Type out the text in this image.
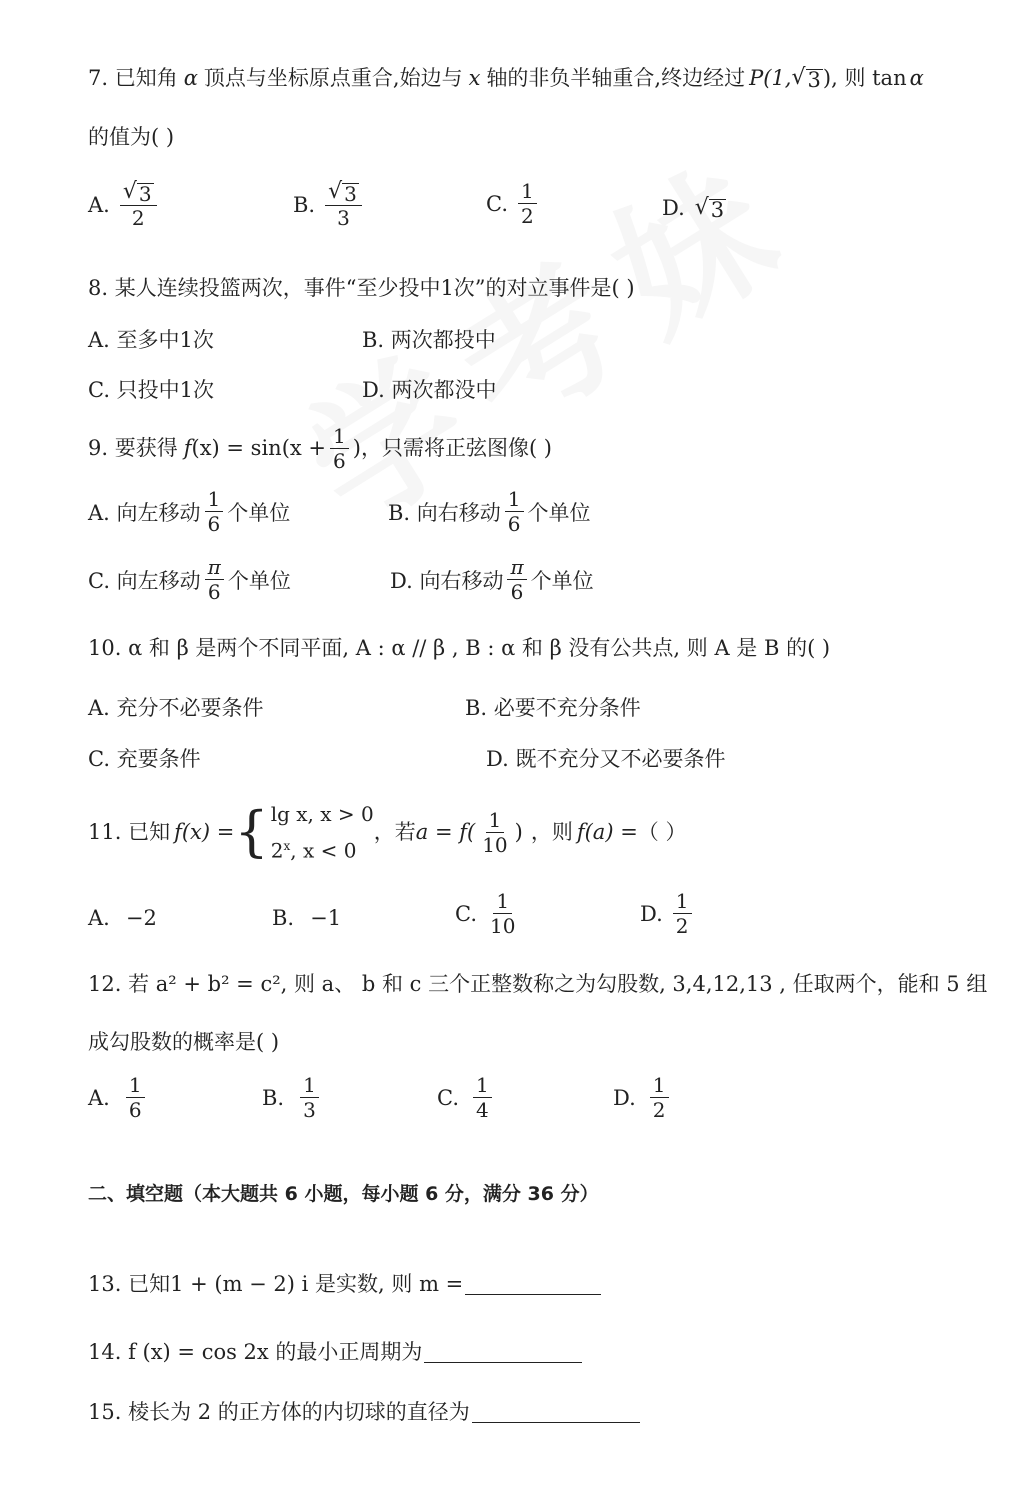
7. 已知角 α 顶点与坐标原点重合,始边与 x 轴的非负半轴重合,终边经过 P(1, √ 3 ) , 则 tan α
的值为( )
A. $\frac{√ 3}{2}$	B. $\frac{√ 3}{3}$	C. $\frac{1}{2}$	D. √ 3
8. 某人连续投篮两次，事件“至少投中1次”的对立事件是( )
A. 至多中1次	B. 两次都投中
C. 只投中1次	D. 两次都没中
9. 要获得 f $(x) = \sin(x + \frac{1}{6}$ )，只需将正弦图像( )
A. 向左移动 $\frac{1}{6}$ 个单位	B. 向右移动 $\frac{1}{6}$ 个单位
C. 向左移动 $\frac{\pi}{6}$ 个单位	D. 向右移动 $\frac{\pi}{6}$ 个单位
10. α 和 β 是两个不同平面, A : α // β , B : α 和 β 没有公共点, 则 A 是 B 的( )
A. 充分不必要条件	B. 必要不充分条件
C. 充要条件	D. 既不充分又不必要条件
11. 已知 f(x) = { lg x, x > 0
2$^x$, x < 0
，若 $a = f( \frac{1}{10}$ ) ，则 f(a) = （ ）
A. −2	B. −1	C. $\frac{1}{10}$	D. $\frac{1}{2}$
12. 若 a² + b² = c², 则 a、 b 和 c 三个正整数称之为勾股数, 3,4,12,13 , 任取两个，能和 5 组
成勾股数的概率是( )
A. $\frac{1}{6}$	B. $\frac{1}{3}$	C. $\frac{1}{4}$	D. $\frac{1}{2}$
二、填空题（本大题共 6 小题，每小题 6 分，满分 36 分）
13. 已知1 + (m − 2) i 是实数, 则 m =
14. f (x) = cos 2x 的最小正周期为
15. 棱长为 2 的正方体的内切球的直径为
